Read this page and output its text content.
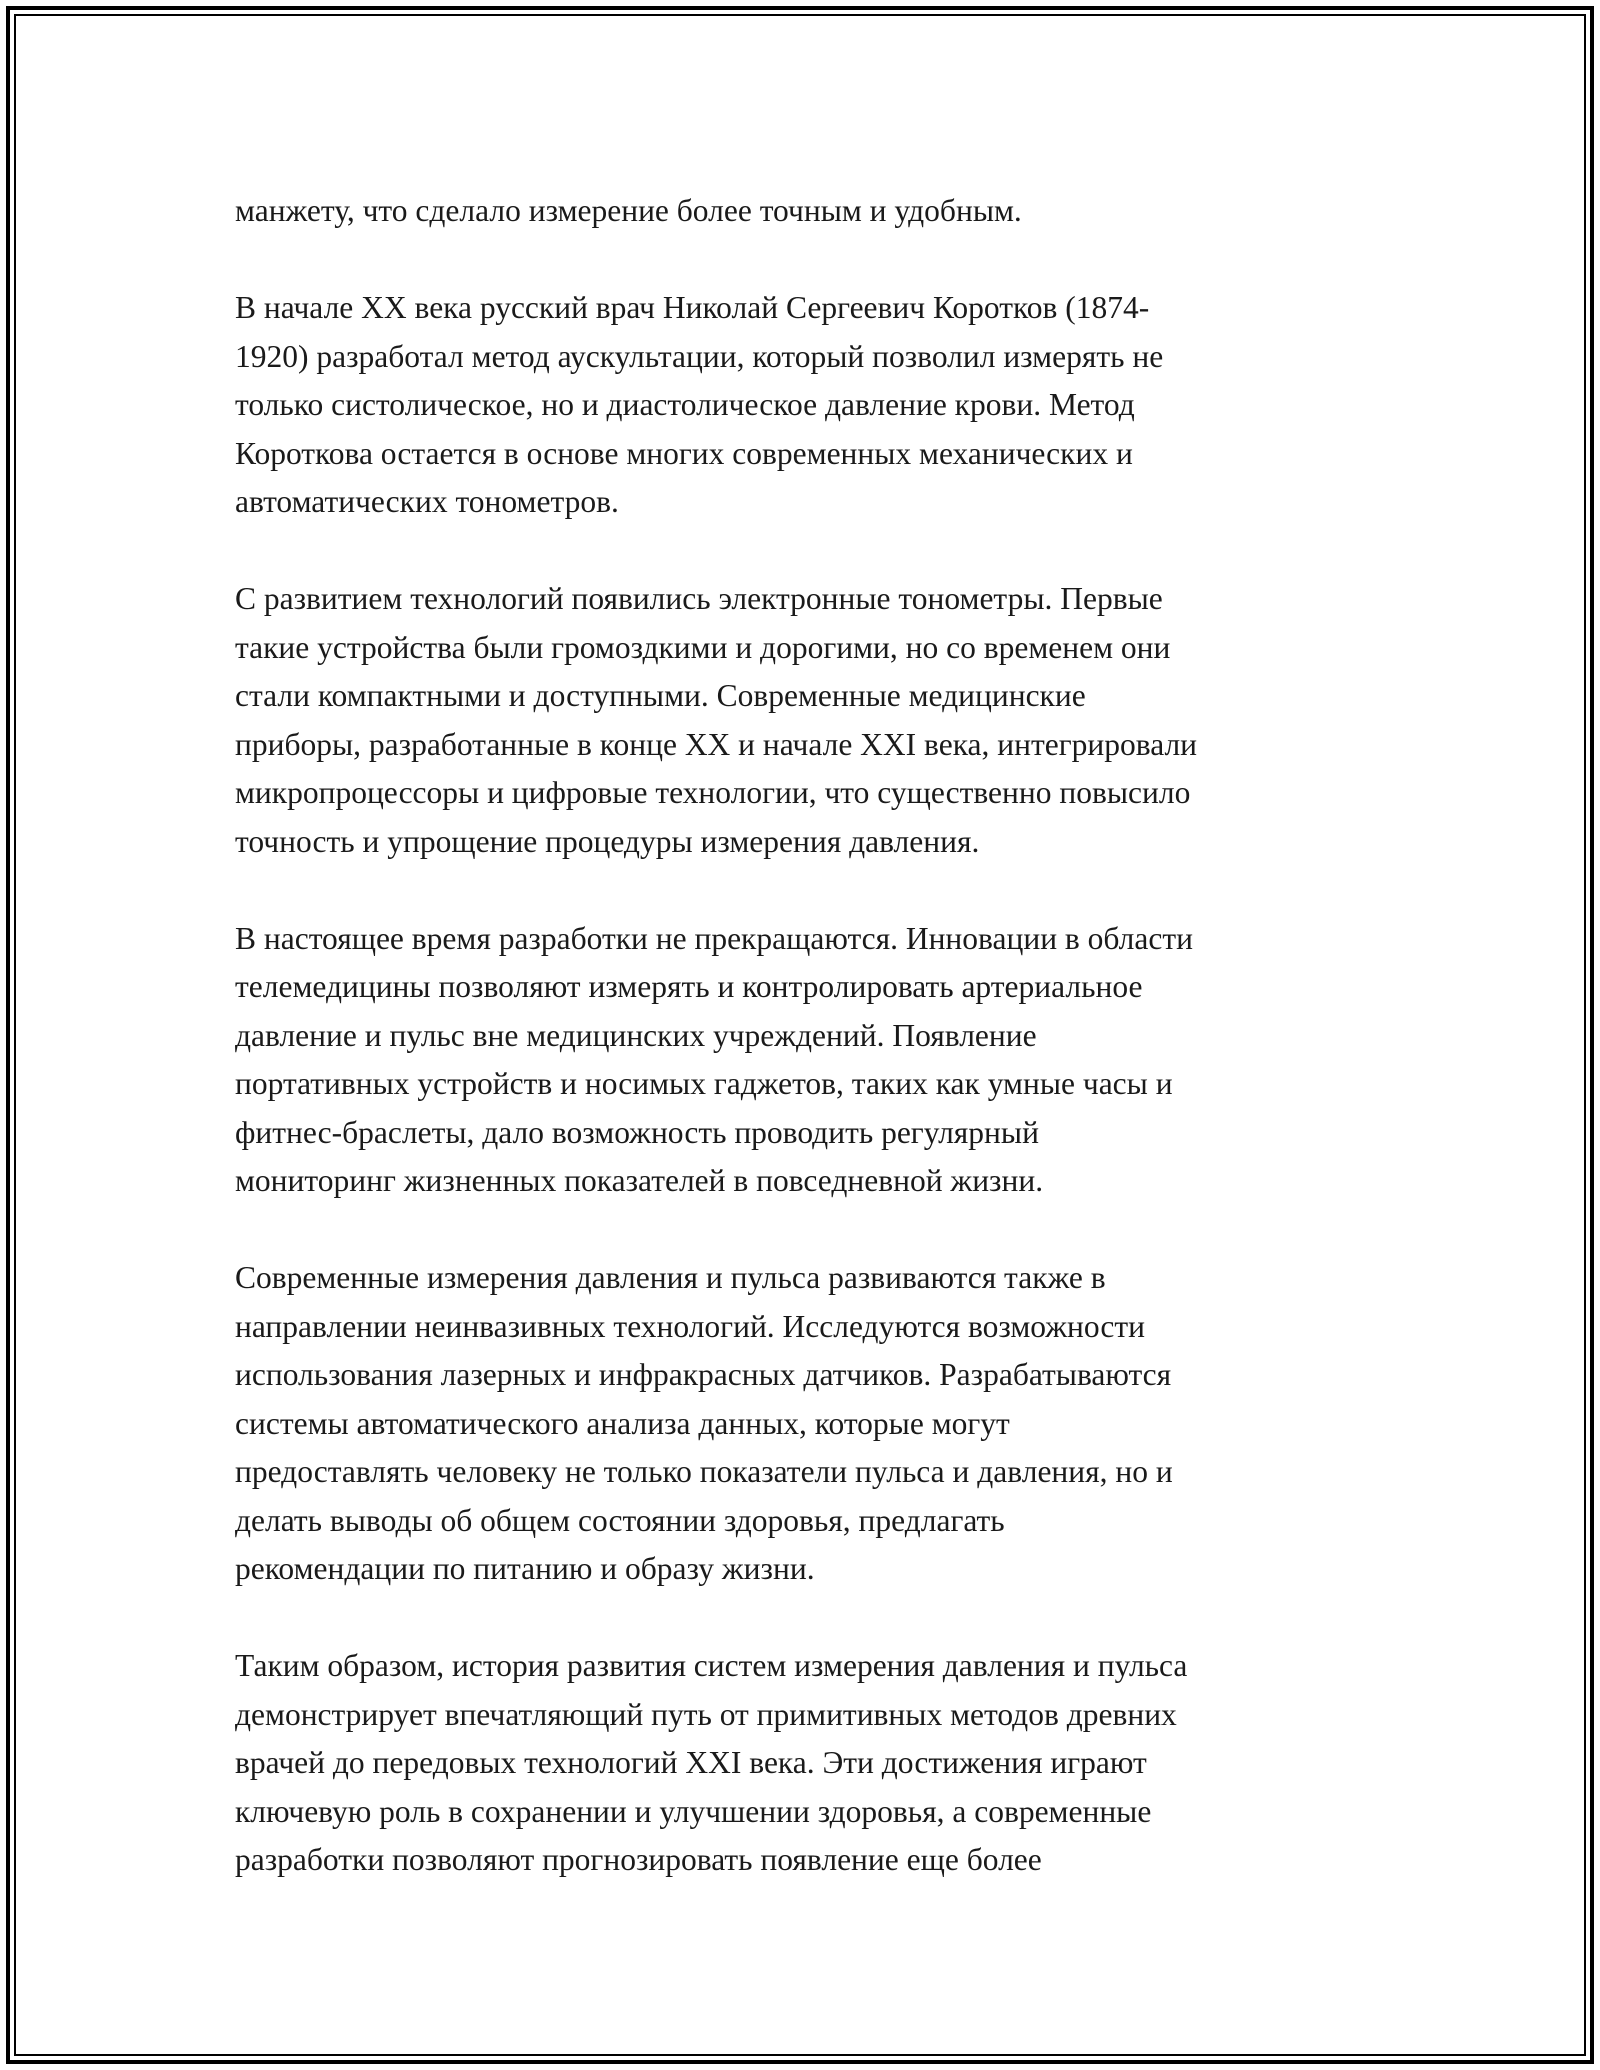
манжету, что сделало измерение более точным и удобным.

В начале XX века русский врач Николай Сергеевич Коротков (1874-
1920) разработал метод аускультации, который позволил измерять не
только систолическое, но и диастолическое давление крови. Метод
Короткова остается в основе многих современных механических и
автоматических тонометров.

С развитием технологий появились электронные тонометры. Первые
такие устройства были громоздкими и дорогими, но со временем они
стали компактными и доступными. Современные медицинские
приборы, разработанные в конце XX и начале XXI века, интегрировали
микропроцессоры и цифровые технологии, что существенно повысило
точность и упрощение процедуры измерения давления.

В настоящее время разработки не прекращаются. Инновации в области
телемедицины позволяют измерять и контролировать артериальное
давление и пульс вне медицинских учреждений. Появление
портативных устройств и носимых гаджетов, таких как умные часы и
фитнес-браслеты, дало возможность проводить регулярный
мониторинг жизненных показателей в повседневной жизни.

Современные измерения давления и пульса развиваются также в
направлении неинвазивных технологий. Исследуются возможности
использования лазерных и инфракрасных датчиков. Разрабатываются
системы автоматического анализа данных, которые могут
предоставлять человеку не только показатели пульса и давления, но и
делать выводы об общем состоянии здоровья, предлагать
рекомендации по питанию и образу жизни.

Таким образом, история развития систем измерения давления и пульса
демонстрирует впечатляющий путь от примитивных методов древних
врачей до передовых технологий XXI века. Эти достижения играют
ключевую роль в сохранении и улучшении здоровья, а современные
разработки позволяют прогнозировать появление еще более
